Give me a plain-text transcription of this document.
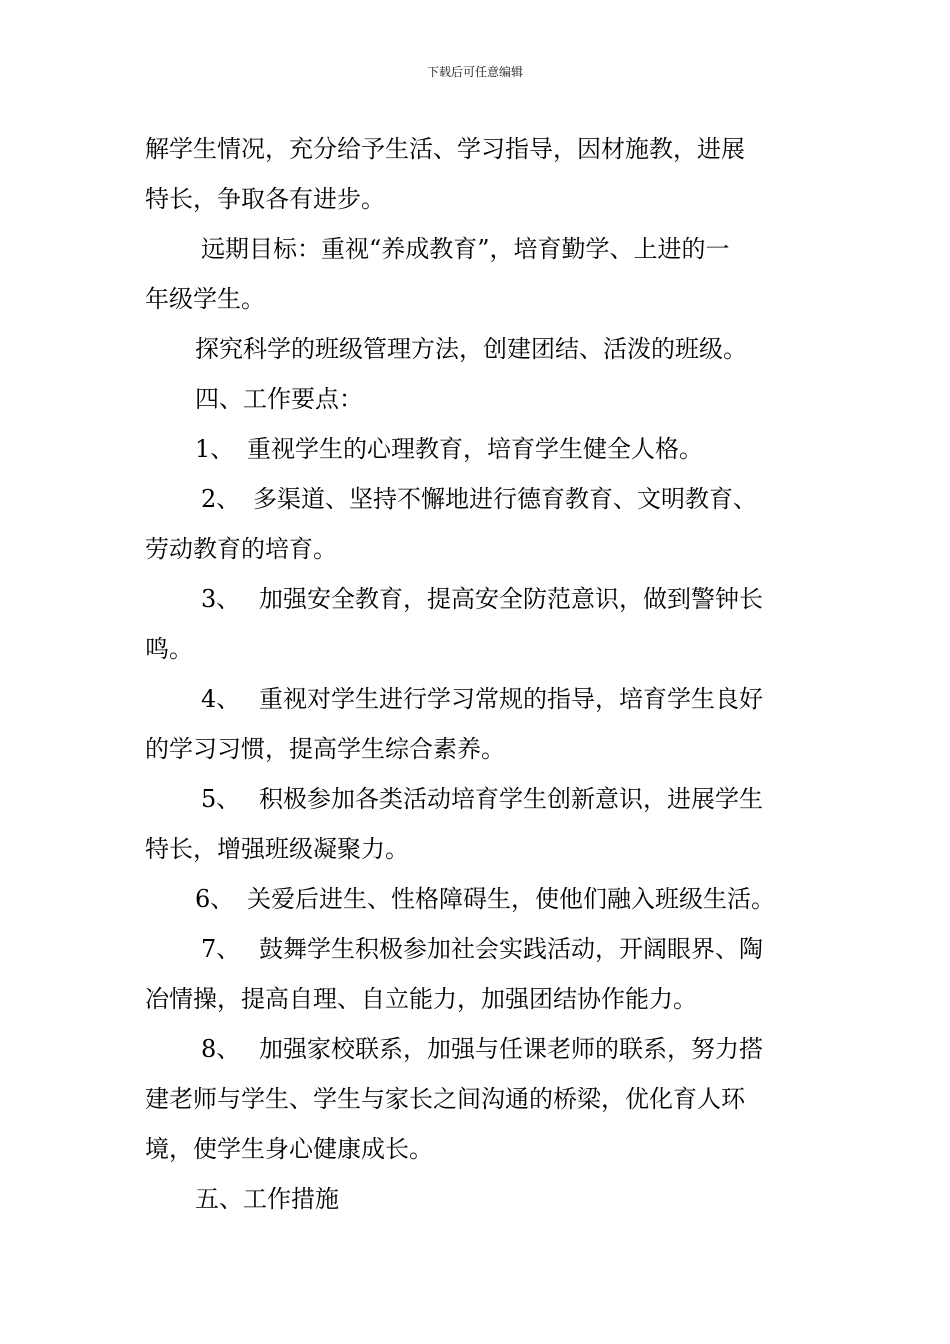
下载后可任意编辑
解学生情况，充分给予生活、学习指导，因材施教，进展
特长，争取各有进步。
远期目标：重视“养成教育”，培育勤学、上进的一
年级学生。
探究科学的班级管理方法，创建团结、活泼的班级。
四、工作要点：
1、 重视学生的心理教育，培育学生健全人格。
2、 多渠道、坚持不懈地进行德育教育、文明教育、
劳动教育的培育。
3、 加强安全教育，提高安全防范意识，做到警钟长
鸣。
4、 重视对学生进行学习常规的指导，培育学生良好
的学习习惯，提高学生综合素养。
5、 积极参加各类活动培育学生创新意识，进展学生
特长，增强班级凝聚力。
6、 关爱后进生、性格障碍生，使他们融入班级生活。
7、 鼓舞学生积极参加社会实践活动，开阔眼界、陶
冶情操，提高自理、自立能力，加强团结协作能力。
8、 加强家校联系，加强与任课老师的联系，努力搭
建老师与学生、学生与家长之间沟通的桥梁，优化育人环
境，使学生身心健康成长。
五、工作措施
